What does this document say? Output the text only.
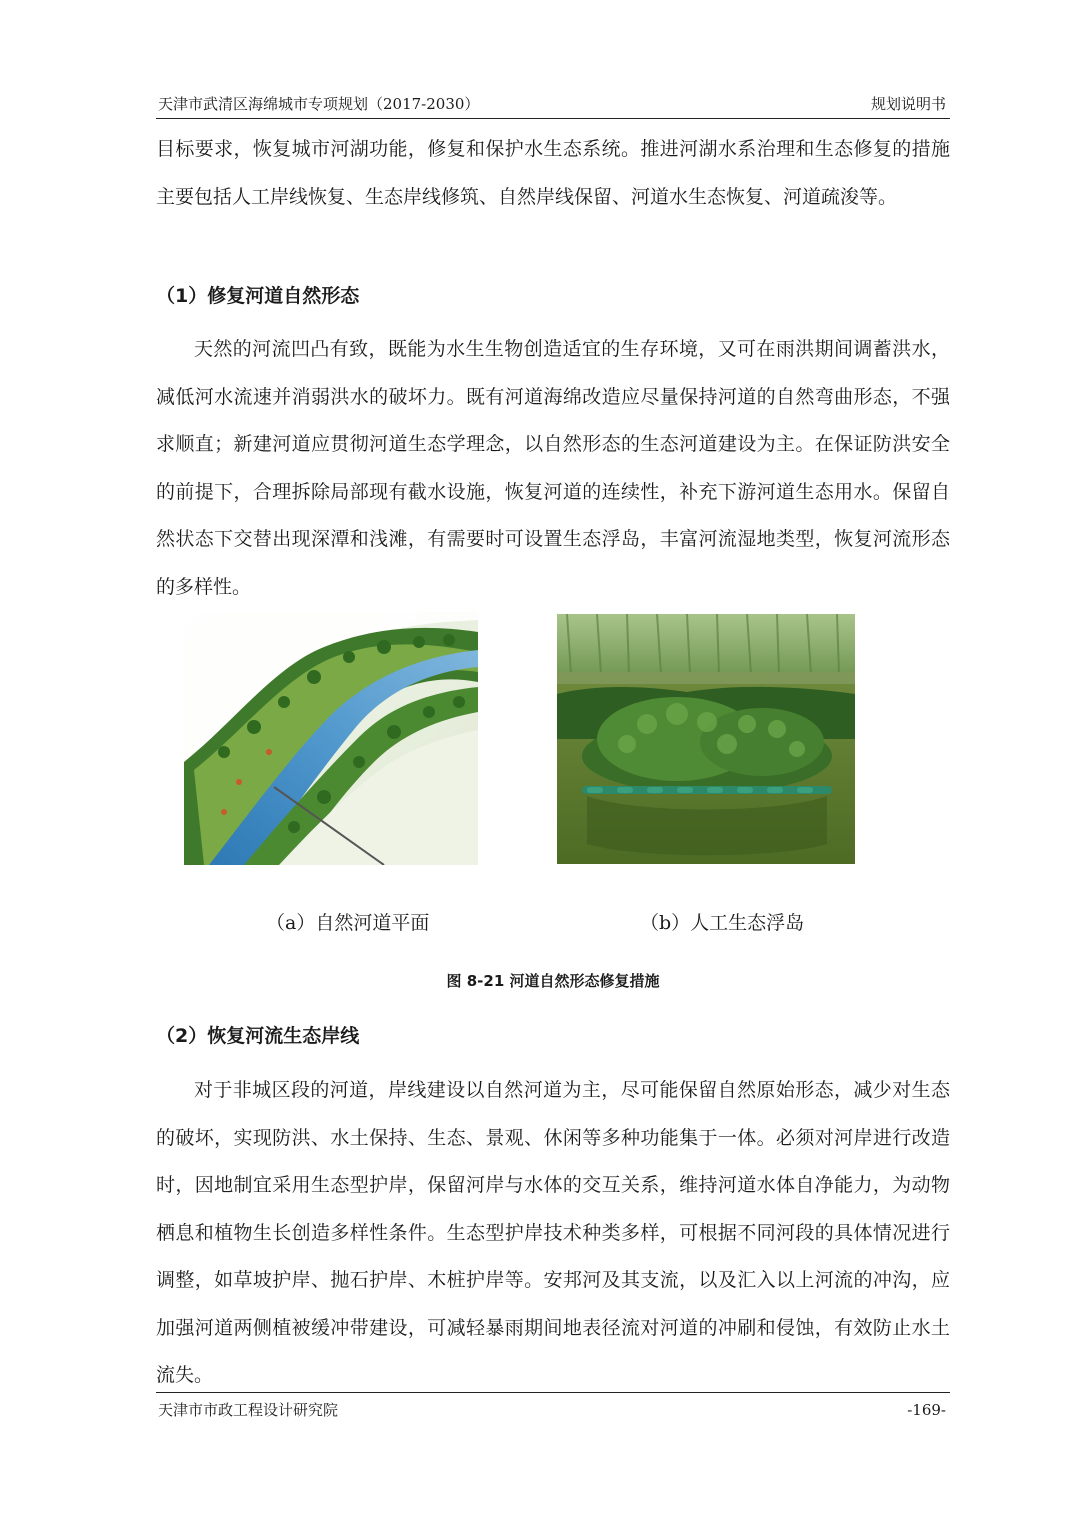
天津市武清区海绵城市专项规划（2017-2030）	规划说明书

目标要求，恢复城市河湖功能，修复和保护水生态系统。推进河湖水系治理和生态修复的措施主要包括人工岸线恢复、生态岸线修筑、自然岸线保留、河道水生态恢复、河道疏浚等。

（1）修复河道自然形态

天然的河流凹凸有致，既能为水生生物创造适宜的生存环境，又可在雨洪期间调蓄洪水，减低河水流速并消弱洪水的破坏力。既有河道海绵改造应尽量保持河道的自然弯曲形态，不强求顺直；新建河道应贯彻河道生态学理念，以自然形态的生态河道建设为主。在保证防洪安全的前提下，合理拆除局部现有截水设施，恢复河道的连续性，补充下游河道生态用水。保留自然状态下交替出现深潭和浅滩，有需要时可设置生态浮岛，丰富河流湿地类型，恢复河流形态的多样性。

（a）自然河道平面	（b）人工生态浮岛
图 8-21 河道自然形态修复措施
（2）恢复河流生态岸线

对于非城区段的河道，岸线建设以自然河道为主，尽可能保留自然原始形态，减少对生态的破坏，实现防洪、水土保持、生态、景观、休闲等多种功能集于一体。必须对河岸进行改造时，因地制宜采用生态型护岸，保留河岸与水体的交互关系，维持河道水体自净能力，为动物栖息和植物生长创造多样性条件。生态型护岸技术种类多样，可根据不同河段的具体情况进行调整，如草坡护岸、抛石护岸、木桩护岸等。安邦河及其支流，以及汇入以上河流的冲沟，应加强河道两侧植被缓冲带建设，可减轻暴雨期间地表径流对河道的冲刷和侵蚀，有效防止水土流失。

天津市市政工程设计研究院	-169-
